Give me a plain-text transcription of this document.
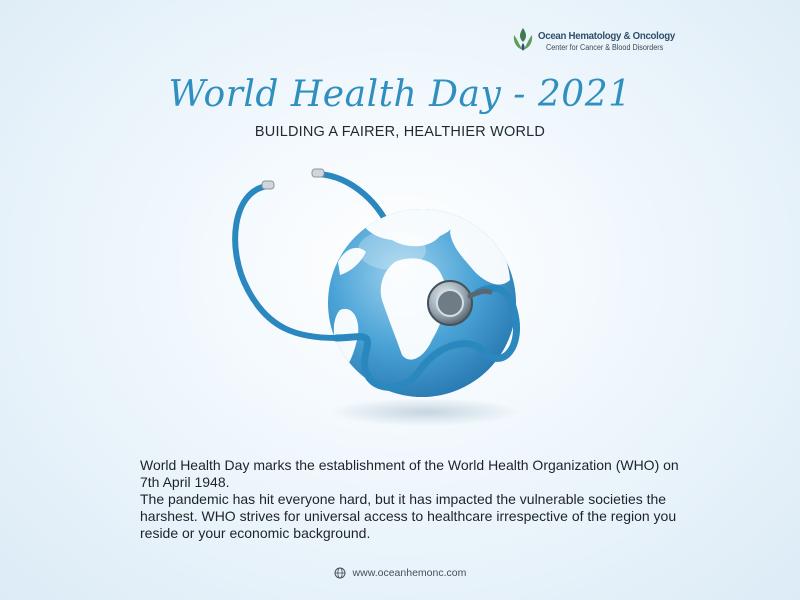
Ocean Hematology & Oncology
Center for Cancer & Blood Disorders
World Health Day - 2021
BUILDING A FAIRER, HEALTHIER WORLD

World Health Day marks the establishment of the World Health Organization (WHO) on 7th April 1948.

The pandemic has hit everyone hard, but it has impacted the vulnerable societies the harshest. WHO strives for universal access to healthcare irrespective of the region you reside or your economic background.

www.oceanhemonc.com
